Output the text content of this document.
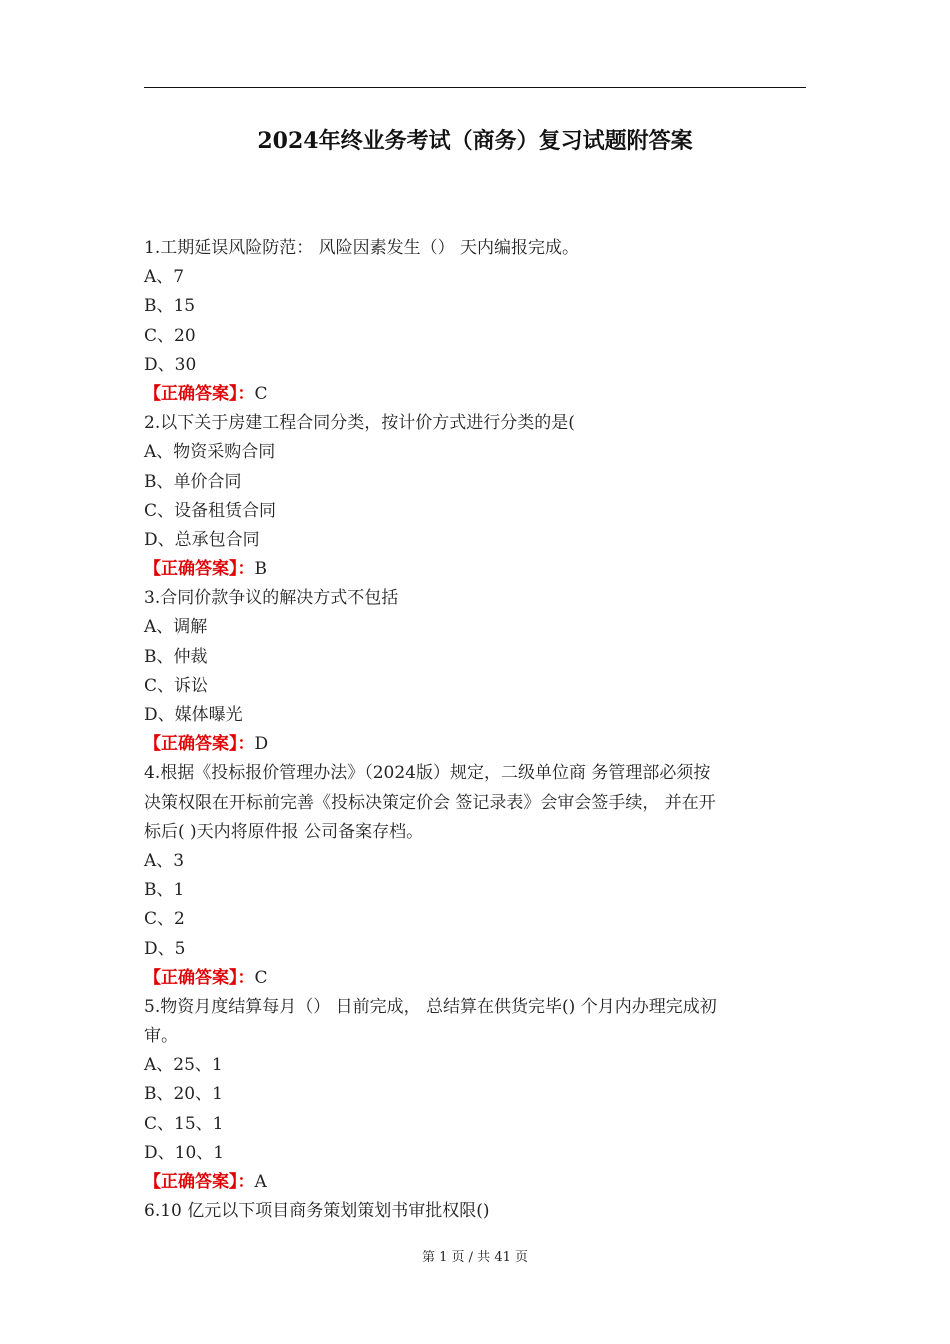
2024年终业务考试（商务）复习试题附答案
1.工期延误风险防范： 风险因素发生（） 天内编报完成。
A、7
B、15
C、20
D、30
【正确答案】：C
2.以下关于房建工程合同分类，按计价方式进行分类的是(
A、物资采购合同
B、单价合同
C、设备租赁合同
D、总承包合同
【正确答案】：B
3.合同价款争议的解决方式不包括
A、调解
B、仲裁
C、诉讼
D、媒体曝光
【正确答案】：D
4.根据《投标报价管理办法》（2024版）规定，二级单位商 务管理部必须按
决策权限在开标前完善《投标决策定价会 签记录表》会审会签手续， 并在开
标后( )天内将原件报 公司备案存档。
A、3
B、1
C、2
D、5
【正确答案】：C
5.物资月度结算每月（） 日前完成， 总结算在供货完毕() 个月内办理完成初
审。
A、25、1
B、20、1
C、15、1
D、10、1
【正确答案】：A
6.10 亿元以下项目商务策划策划书审批权限()
第 1 页 / 共 41 页
